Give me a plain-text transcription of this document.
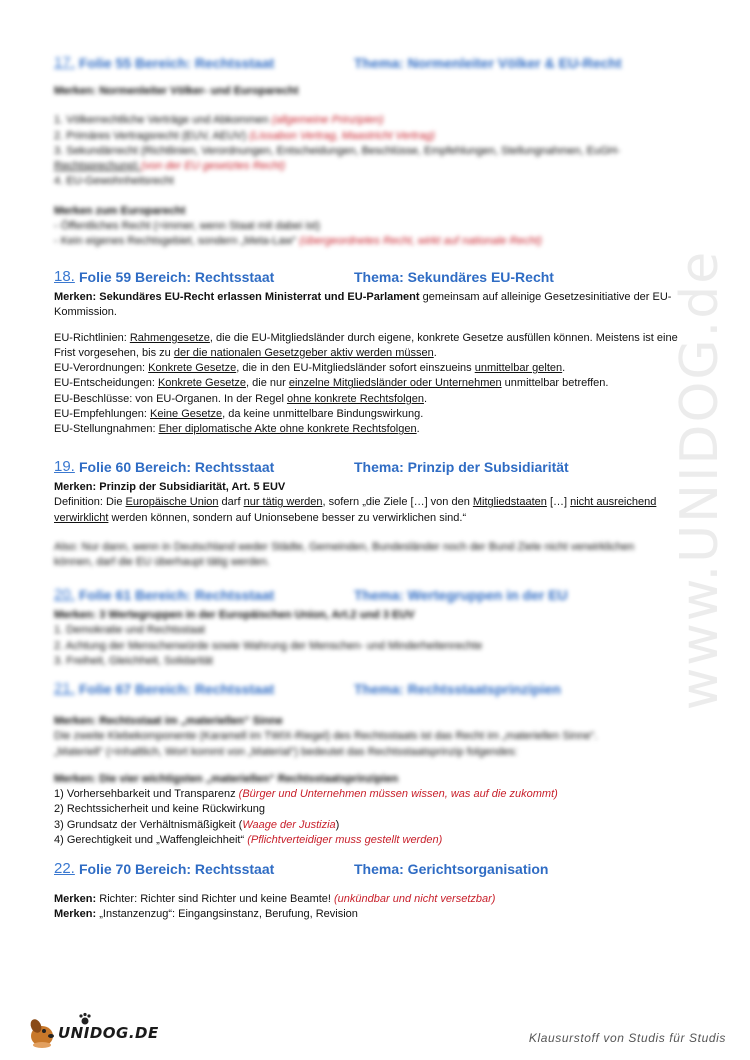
www.UNIDOG.de
17. Folie 55 Bereich: Rechtsstaat	Thema: Normenleiter Völker & EU-Recht
Merken: Normenleiter Völker- und Europarecht
1. Völkerrechtliche Verträge und Abkommen (allgemeine Prinzipien)
2. Primäres Vertragsrecht (EUV, AEUV) (Lissabon Vertrag, Maastricht Vertrag)
3. Sekundärrecht (Richtlinien, Verordnungen, Entscheidungen, Beschlüsse, Empfehlungen, Stellungnahmen, EuGH-
Rechtsprechung) (von der EU gesetztes Recht)
4. EU-Gewohnheitsrecht
Merken zum Europarecht
- Öffentliches Recht (=immer, wenn Staat mit dabei ist)
- Kein eigenes Rechtsgebiet, sondern „Meta-Law“ (übergeordnetes Recht, wirkt auf nationale Recht)
18. Folie 59 Bereich: Rechtsstaat	Thema: Sekundäres EU-Recht
Merken: Sekundäres EU-Recht erlassen Ministerrat und EU-Parlament gemeinsam auf alleinige Gesetzesinitiative der EU-
Kommission.
EU-Richtlinien: Rahmengesetze, die die EU-Mitgliedsländer durch eigene, konkrete Gesetze ausfüllen können. Meistens ist eine
Frist vorgesehen, bis zu der die nationalen Gesetzgeber aktiv werden müssen.
EU-Verordnungen: Konkrete Gesetze, die in den EU-Mitgliedsländer sofort einszueins unmittelbar gelten.
EU-Entscheidungen: Konkrete Gesetze, die nur einzelne Mitgliedsländer oder Unternehmen unmittelbar betreffen.
EU-Beschlüsse: von EU-Organen. In der Regel ohne konkrete Rechtsfolgen.
EU-Empfehlungen: Keine Gesetze, da keine unmittelbare Bindungswirkung.
EU-Stellungnahmen: Eher diplomatische Akte ohne konkrete Rechtsfolgen.
19. Folie 60 Bereich: Rechtsstaat	Thema: Prinzip der Subsidiarität
Merken: Prinzip der Subsidiarität, Art. 5 EUV
Definition: Die Europäische Union darf nur tätig werden, sofern „die Ziele […] von den Mitgliedstaaten […] nicht ausreichend
verwirklicht werden können, sondern auf Unionsebene besser zu verwirklichen sind.“
Also: Nur dann, wenn in Deutschland weder Städte, Gemeinden, Bundesländer noch der Bund Ziele nicht verwirklichen
können, darf die EU überhaupt tätig werden.
20. Folie 61 Bereich: Rechtsstaat	Thema: Wertegruppen in der EU
Merken: 3 Wertegruppen in der Europäischen Union, Art.2 und 3 EUV
1. Demokratie und Rechtsstaat
2. Achtung der Menschenwürde sowie Wahrung der Menschen- und Minderheitenrechte
3. Freiheit, Gleichheit, Solidarität
21. Folie 67 Bereich: Rechtsstaat	Thema: Rechtsstaatsprinzipien
Merken: Rechtsstaat im „materiellen“ Sinne
Die zweite Klebekomponente (Karamell im TWIX-Riegel) des Rechtsstaats ist das Recht im „materiellen Sinne“.
„Materiell“ (=inhaltlich, Wort kommt von „Material“) bedeutet das Rechtsstaatsprinzip folgendes:
Merken: Die vier wichtigsten „materiellen“ Rechtsstaatsprinzipien
1) Vorhersehbarkeit und Transparenz (Bürger und Unternehmen müssen wissen, was auf die zukommt)
2) Rechtssicherheit und keine Rückwirkung
3) Grundsatz der Verhältnismäßigkeit (Waage der Justizia)
4) Gerechtigkeit und „Waffengleichheit“ (Pflichtverteidiger muss gestellt werden)
22. Folie 70 Bereich: Rechtsstaat	Thema: Gerichtsorganisation
Merken: Richter: Richter sind Richter und keine Beamte! (unkündbar und nicht versetzbar)
Merken: „Instanzenzug“: Eingangsinstanz, Berufung, Revision
UNIDOG.DE	Klausurstoff von Studis für Studis
